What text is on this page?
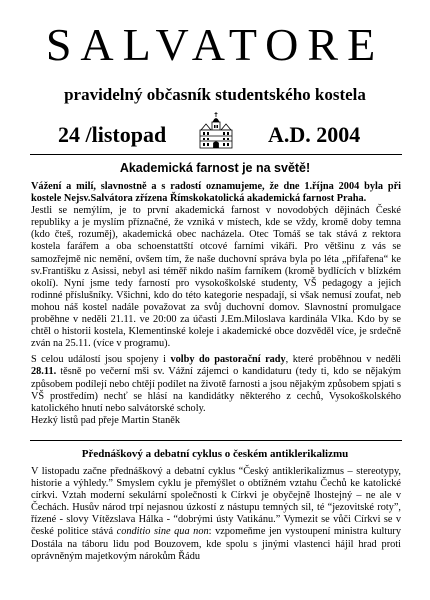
SALVATORE
pravidelný občasník studentského kostela
24 /listopad	A.D. 2004
Akademická farnost je na světě!

Vážení a milí, slavnostně a s radostí oznamujeme, že dne 1.října 2004 byla při kostele Nejsv.Salvátora zřízena Římskokatolická akademická farnost Praha.

Jestli se nemýlím, je to první akademická farnost v novodobých dějinách České republiky a je myslím příznačné, že vzniká v místech, kde se vždy, kromě doby temna (kdo čteš, rozuměj), akademická obec nacházela. Otec Tomáš se tak stává z rektora kostela farářem a oba schoenstattští otcové farními vikáři. Pro většinu z vás se samozřejmě nic nemění, ovšem tím, že naše duchovní správa byla po léta „přifařena“ ke sv.Františku z Asissi, nebyl asi téměř nikdo naším farníkem (kromě bydlících v blízkém okolí). Nyní jsme tedy farností pro vysokoškolské studenty, VŠ pedagogy a jejich rodinné příslušníky. Všichni, kdo do této kategorie nespadají, si však nemusí zoufat, neb mohou náš kostel nadále považovat za svůj duchovní domov. Slavnostní promulgace proběhne v neděli 21.11. ve 20:00 za účasti J.Em.Miloslava kardinála Vlka. Kdo by se chtěl o historii kostela, Klementinské koleje i akademické obce dozvěděl více, je srdečně zván na 25.11. (více v programu).

S celou událostí jsou spojeny i volby do pastorační rady, které proběhnou v neděli 28.11. těsně po večerní mši sv. Vážní zájemci o kandidaturu (tedy ti, kdo se nějakým způsobem podílejí nebo chtějí podílet na životě farnosti a jsou nějakým způsobem spjati s VŠ prostředím) nechť se hlásí na kandidátky některého z cechů, Vysokoškolského katolického hnutí nebo salvátorské scholy.

Hezký listů pad přeje Martin Staněk

Přednáškový a debatní cyklus o českém antiklerikalizmu

V listopadu začne přednáškový a debatní cyklus “Český antiklerikalizmus – stereotypy, historie a výhledy.” Smyslem cyklu je přemýšlet o obtížném vztahu Čechů ke katolické církvi. Vztah moderní sekulární společnosti k Církvi je obyčejně lhostejný – ne ale v Čechách. Husův národ trpí nejasnou úzkostí z nástupu temných sil, té “jezovitské roty”, řízené - slovy Vítězslava Hálka - “dobrými ústy Vatikánu.” Vymezit se vůči Církvi se v české politice stává conditio sine qua non: vzpomeňme jen vystoupení ministra kultury Dostála na táboru lidu pod Bouzovem, kde spolu s jinými vlastenci hájil hrad proti oprávněným majetkovým nárokům Řádu
